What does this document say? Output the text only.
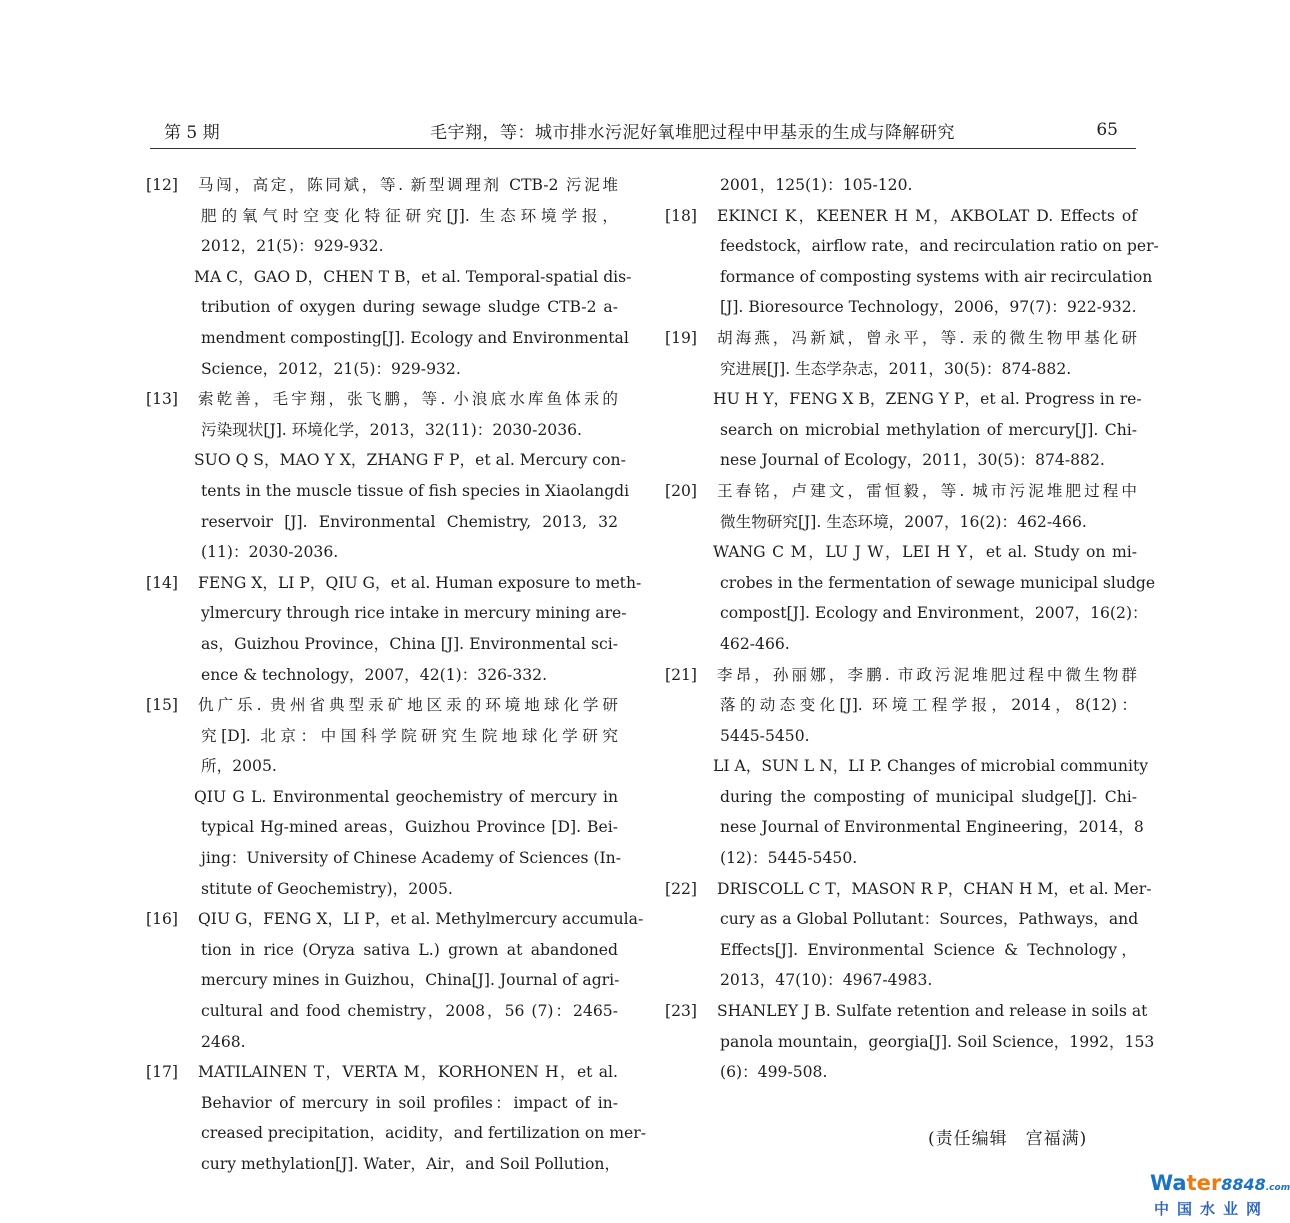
第 5 期	毛宇翔，等：城市排水污泥好氧堆肥过程中甲基汞的生成与降解研究	65
[12]	马闯，高定，陈同斌，等. 新型调理剂 CTB-2 污泥堆
肥的氧气时空变化特征研究[J]. 生态环境学报，
2012，21(5)：929-932.
MA C，GAO D，CHEN T B，et al. Temporal-spatial dis-
tribution of oxygen during sewage sludge CTB-2 a-
mendment composting[J]. Ecology and Environmental
Science，2012，21(5)：929-932.
[13]	索乾善，毛宇翔，张飞鹏，等. 小浪底水库鱼体汞的
污染现状[J]. 环境化学，2013，32(11)：2030-2036.
SUO Q S，MAO Y X，ZHANG F P，et al. Mercury con-
tents in the muscle tissue of fish species in Xiaolangdi
reservoir [J]. Environmental Chemistry, 2013, 32
(11)：2030-2036.
[14]	FENG X，LI P，QIU G，et al. Human exposure to meth-
ylmercury through rice intake in mercury mining are-
as，Guizhou Province，China [J]. Environmental sci-
ence & technology，2007，42(1)：326-332.
[15]	仇广乐. 贵州省典型汞矿地区汞的环境地球化学研
究[D]. 北京：中国科学院研究生院地球化学研究
所，2005.
QIU G L. Environmental geochemistry of mercury in
typical Hg-mined areas，Guizhou Province [D]. Bei-
jing：University of Chinese Academy of Sciences (In-
stitute of Geochemistry)，2005.
[16]	QIU G，FENG X，LI P，et al. Methylmercury accumula-
tion in rice (Oryza sativa L.) grown at abandoned
mercury mines in Guizhou，China[J]. Journal of agri-
cultural and food chemistry，2008，56 (7)：2465-
2468.
[17]	MATILAINEN T，VERTA M，KORHONEN H，et al.
Behavior of mercury in soil profiles：impact of in-
creased precipitation，acidity，and fertilization on mer-
cury methylation[J]. Water，Air，and Soil Pollution，
2001，125(1)：105-120.
[18]	EKINCI K，KEENER H M，AKBOLAT D. Effects of
feedstock，airflow rate，and recirculation ratio on per-
formance of composting systems with air recirculation
[J]. Bioresource Technology，2006，97(7)：922-932.
[19]	胡海燕，冯新斌，曾永平，等. 汞的微生物甲基化研
究进展[J]. 生态学杂志，2011，30(5)：874-882.
HU H Y，FENG X B，ZENG Y P，et al. Progress in re-
search on microbial methylation of mercury[J]. Chi-
nese Journal of Ecology，2011，30(5)：874-882.
[20]	王春铭，卢建文，雷恒毅，等. 城市污泥堆肥过程中
微生物研究[J]. 生态环境，2007，16(2)：462-466.
WANG C M，LU J W，LEI H Y，et al. Study on mi-
crobes in the fermentation of sewage municipal sludge
compost[J]. Ecology and Environment，2007，16(2)：
462-466.
[21]	李昂，孙丽娜，李鹏. 市政污泥堆肥过程中微生物群
落的动态变化[J]. 环境工程学报，2014，8(12)：
5445-5450.
LI A，SUN L N，LI P. Changes of microbial community
during the composting of municipal sludge[J]. Chi-
nese Journal of Environmental Engineering，2014，8
(12)：5445-5450.
[22]	DRISCOLL C T，MASON R P，CHAN H M，et al. Mer-
cury as a Global Pollutant：Sources，Pathways，and
Effects[J]. Environmental Science & Technology，
2013，47(10)：4967-4983.
[23]	SHANLEY J B. Sulfate retention and release in soils at
panola mountain，georgia[J]. Soil Science，1992，153
(6)：499-508.
(责任编辑　宫福满)
Water8848.com
中国水业网
